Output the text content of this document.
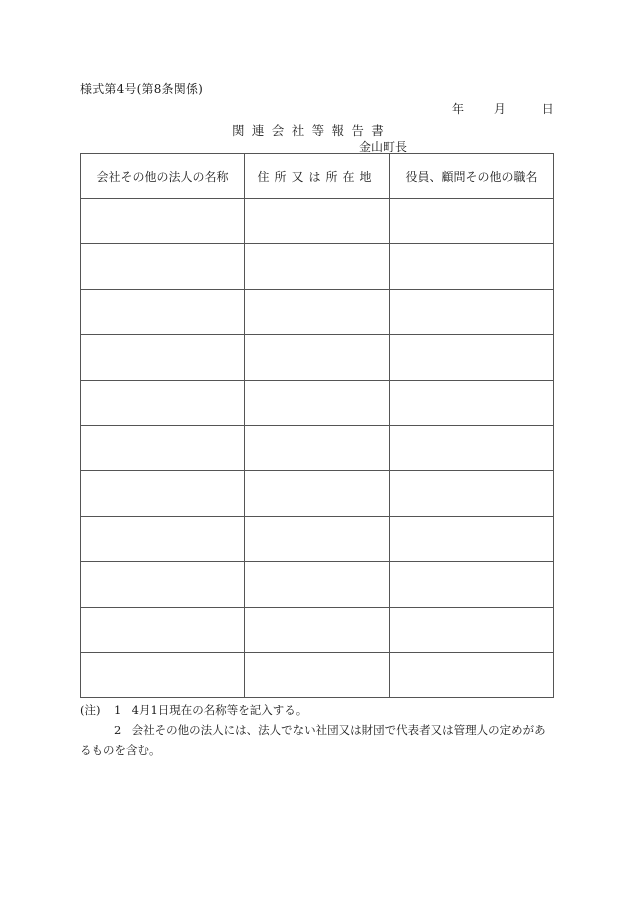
様式第4号(第8条関係)
年 月	日
関連会社等報告書
金山町長
会社その他の法人の名称	住所又は所在地	役員、顧問その他の職名

(注) 1 4月1日現在の名称等を記入する。
2 会社その他の法人には、法人でない社団又は財団で代表者又は管理人の定めがあ
るものを含む。
